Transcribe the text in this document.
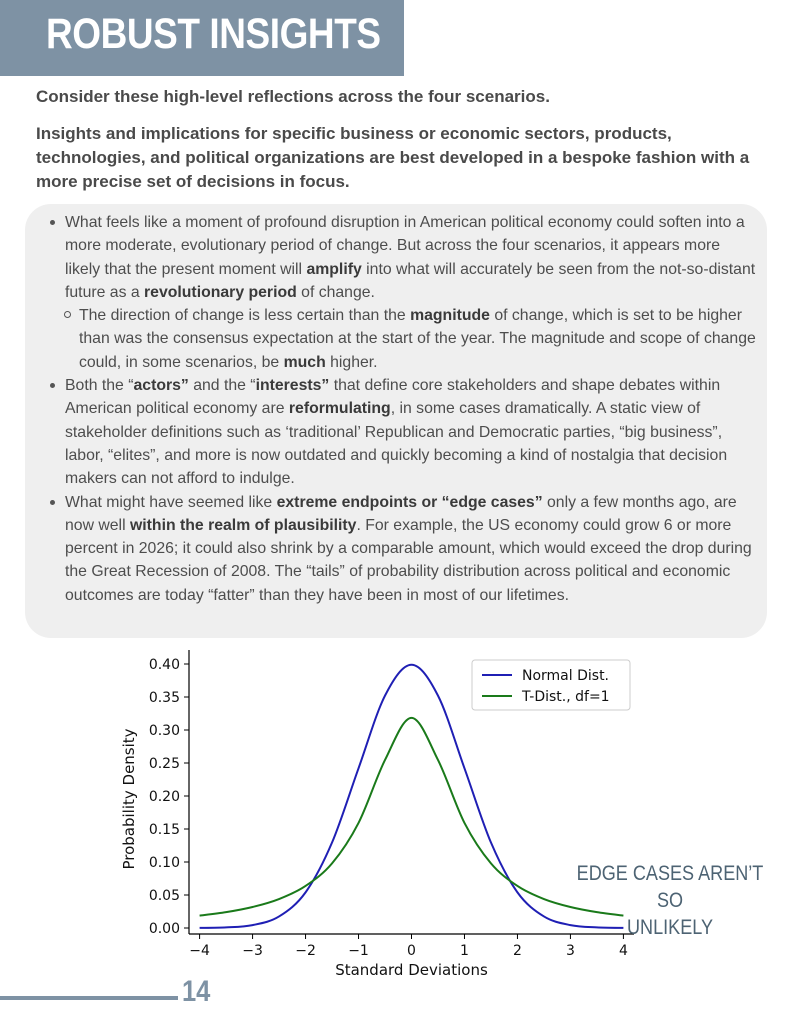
ROBUST INSIGHTS

Consider these high-level reflections across the four scenarios.

Insights and implications for specific business or economic sectors, products, technologies, and political organizations are best developed in a bespoke fashion with a more precise set of decisions in focus.

What feels like a moment of profound disruption in American political economy could soften into a more moderate, evolutionary period of change. But across the four scenarios, it appears more likely that the present moment will amplify into what will accurately be seen from the not-so-distant future as a revolutionary period of change.
The direction of change is less certain than the magnitude of change, which is set to be higher than was the consensus expectation at the start of the year. The magnitude and scope of change could, in some scenarios, be much higher.
Both the “actors” and the “interests” that define core stakeholders and shape debates within American political economy are reformulating, in some cases dramatically. A static view of stakeholder definitions such as ‘traditional’ Republican and Democratic parties, “big business”, labor, “elites”, and more is now outdated and quickly becoming a kind of nostalgia that decision makers can not afford to indulge.
What might have seemed like extreme endpoints or “edge cases” only a few months ago, are now well within the realm of plausibility. For example, the US economy could grow 6 or more percent in 2026; it could also shrink by a comparable amount, which would exceed the drop during the Great Recession of 2008. The “tails” of probability distribution across political and economic outcomes are today “fatter” than they have been in most of our lifetimes.
0.00
0.05
0.10
0.15
0.20
0.25
0.30
0.35
0.40
−4 −3 −2 −1	0	1	2	3	4
Standard Deviations
Probability Density
Normal Dist.
T-Dist., df=1
EDGE CASES AREN’T SO
UNLIKELY
14
